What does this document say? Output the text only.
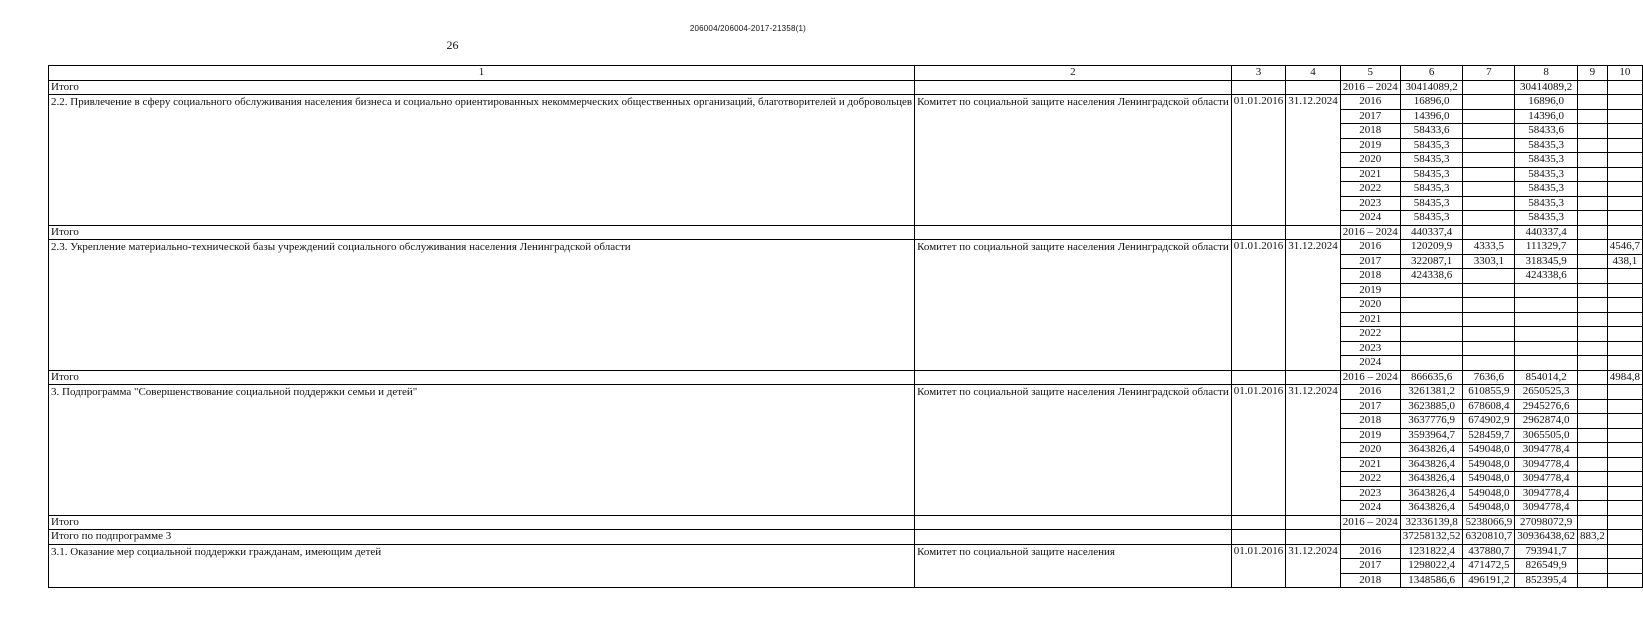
206004/206004-2017-21358(1)
26
1	2	3	4	5	6	7	8	9	10
Итого				2016 – 2024	30414089,2		30414089,2		
2.2. Привлечение в сферу социального обслуживания населения бизнеса и социально ориентированных некоммерческих общественных организаций, благотворителей и добровольцев	Комитет по социальной защите населения Ленинградской области	01.01.2016	31.12.2024	2016	16896,0		16896,0		
				2017	14396,0		14396,0		
				2018	58433,6		58433,6		
				2019	58435,3		58435,3		
				2020	58435,3		58435,3		
				2021	58435,3		58435,3		
				2022	58435,3		58435,3		
				2023	58435,3		58435,3		
				2024	58435,3		58435,3		
Итого				2016 – 2024	440337,4		440337,4		
2.3. Укрепление материально-технической базы учреждений социального обслуживания населения Ленинградской области	Комитет по социальной защите населения Ленинградской области	01.01.2016	31.12.2024	2016	120209,9	4333,5	111329,7		4546,7
				2017	322087,1	3303,1	318345,9		438,1
				2018	424338,6		424338,6		
				2019					
				2020					
				2021					
				2022					
				2023					
				2024					
Итого				2016 – 2024	866635,6	7636,6	854014,2		4984,8
3. Подпрограмма "Совершенствование социальной поддержки семьи и детей"	Комитет по социальной защите населения Ленинградской области	01.01.2016	31.12.2024	2016	3261381,2	610855,9	2650525,3		
				2017	3623885,0	678608,4	2945276,6		
				2018	3637776,9	674902,9	2962874,0		
				2019	3593964,7	528459,7	3065505,0		
				2020	3643826,4	549048,0	3094778,4		
				2021	3643826,4	549048,0	3094778,4		
				2022	3643826,4	549048,0	3094778,4		
				2023	3643826,4	549048,0	3094778,4		
				2024	3643826,4	549048,0	3094778,4		
Итого				2016 – 2024	32336139,8	5238066,9	27098072,9		
Итого по подпрограмме 3					37258132,52	6320810,7	30936438,62	883,2	
3.1. Оказание мер социальной поддержки гражданам, имеющим детей	Комитет по социальной защите населения	01.01.2016	31.12.2024	2016	1231822,4	437880,7	793941,7		
				2017	1298022,4	471472,5	826549,9		
				2018	1348586,6	496191,2	852395,4		
